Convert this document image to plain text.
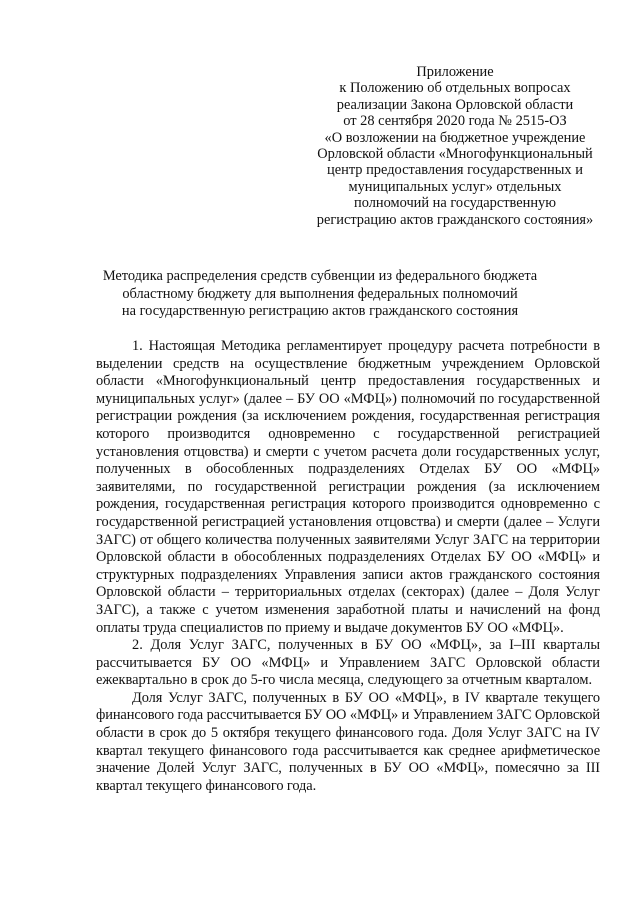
Приложение
к Положению об отдельных вопросах
реализации Закона Орловской области
от 28 сентября 2020 года № 2515-ОЗ
«О возложении на бюджетное учреждение
Орловской области «Многофункциональный
центр предоставления государственных и
муниципальных услуг» отдельных
полномочий на государственную
регистрацию актов гражданского состояния»
Методика распределения средств субвенции из федерального бюджета
областному бюджету для выполнения федеральных полномочий
на государственную регистрацию актов гражданского состояния

1. Настоящая Методика регламентирует процедуру расчета потребности в выделении средств на осуществление бюджетным учреждением Орловской области «Многофункциональный центр предоставления государственных и муниципальных услуг» (далее – БУ ОО «МФЦ») полномочий по государственной регистрации рождения (за исключением рождения, государственная регистрация которого производится одновременно с государственной регистрацией установления отцовства) и смерти с учетом расчета доли государственных услуг, полученных в обособленных подразделениях Отделах БУ ОО «МФЦ» заявителями, по государственной регистрации рождения (за исключением рождения, государственная регистрация которого производится одновременно с государственной регистрацией установления отцовства) и смерти (далее – Услуги ЗАГС) от общего количества полученных заявителями Услуг ЗАГС на территории Орловской области в обособленных подразделениях Отделах БУ ОО «МФЦ» и структурных подразделениях Управления записи актов гражданского состояния Орловской области – территориальных отделах (секторах) (далее – Доля Услуг ЗАГС), а также с учетом изменения заработной платы и начислений на фонд оплаты труда специалистов по приему и выдаче документов БУ ОО «МФЦ».

2. Доля Услуг ЗАГС, полученных в БУ ОО «МФЦ», за I–III кварталы рассчитывается БУ ОО «МФЦ» и Управлением ЗАГС Орловской области ежеквартально в срок до 5-го числа месяца, следующего за отчетным кварталом.

Доля Услуг ЗАГС, полученных в БУ ОО «МФЦ», в IV квартале текущего финансового года рассчитывается БУ ОО «МФЦ» и Управлением ЗАГС Орловской области в срок до 5 октября текущего финансового года. Доля Услуг ЗАГС на IV квартал текущего финансового года рассчитывается как среднее арифметическое значение Долей Услуг ЗАГС, полученных в БУ ОО «МФЦ», помесячно за III квартал текущего финансового года.
